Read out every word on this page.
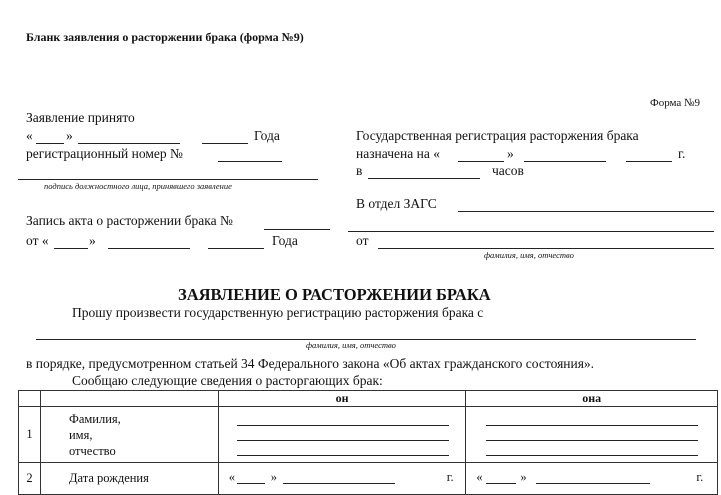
Бланк заявления о расторжении брака (форма №9)
Форма №9
Заявление принято
« »	Года
регистрационный номер №
подпись должностного лица, принявшего заявление
Запись акта о расторжении брака №
от «	»	Года
Государственная регистрация расторжения брака
назначена на «	»	г.
в	часов
В отдел ЗАГС
от
фамилия, имя, отчество
ЗАЯВЛЕНИЕ О РАСТОРЖЕНИИ БРАКА
Прошу произвести государственную регистрацию расторжения брака с
фамилия, имя, отчество
в порядке, предусмотренном статьей 34 Федерального закона «Об актах гражданского состояния».
Сообщаю следующие сведения о расторгающих брак:
		он	она
1	Фамилия,
имя,
отчество		

2	Дата рождения	« » г.	« » г.
